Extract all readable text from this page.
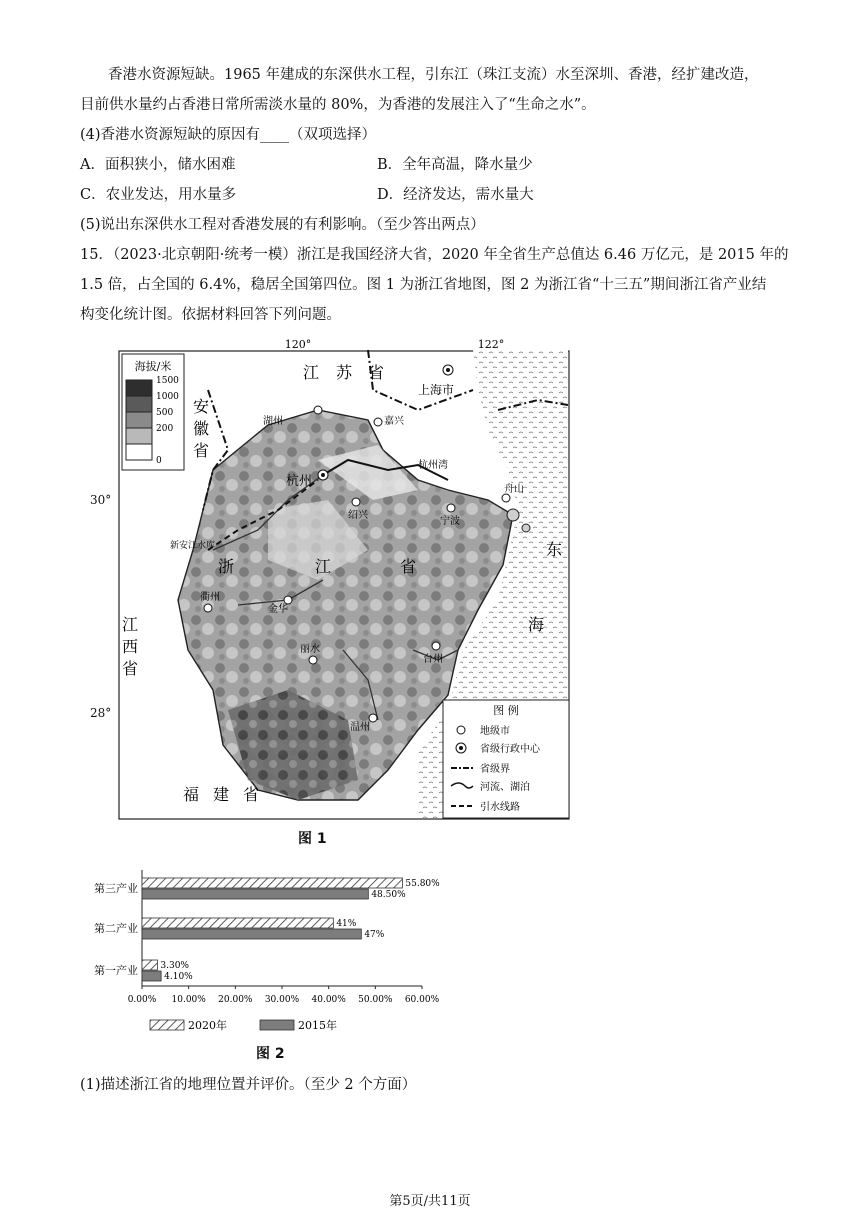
香港水资源短缺。1965 年建成的东深供水工程，引东江（珠江支流）水至深圳、香港，经扩建改造，
目前供水量约占香港日常所需淡水量的 80%，为香港的发展注入了“生命之水”。
(4)香港水资源短缺的原因有____（双项选择）
A．面积狭小，储水困难	B．全年高温，降水量少
C．农业发达，用水量多	D．经济发达，需水量大
(5)说出东深供水工程对香港发展的有利影响。（至少答出两点）
15．（2023·北京朝阳·统考一模）浙江是我国经济大省，2020 年全省生产总值达 6.46 万亿元，是 2015 年的
1.5 倍，占全国的 6.4%，稳居全国第四位。图 1 为浙江省地图，图 2 为浙江省“十三五”期间浙江省产业结
构变化统计图。依据材料回答下列问题。
120°	122°
海拔/米
1500
1000
500
200
0
江 苏 省
安
徽
省
浙	江	省
江
西
省
福 建 省
东
海
上海市
湖州	嘉兴
杭州
绍兴
宁波
舟山
衢州
金华
丽水
台州
温州
杭州湾
新安江水库
图 例
地级市
省级行政中心
省级界
河流、湖泊
引水线路
30°
28°
图 1
0.00% 10.00% 20.00% 30.00% 40.00% 50.00% 60.00%
第三产业	55.80%
48.50%
第二产业	41%
47%
第一产业 3.30%
4.10%
2020年	2015年
图 2
(1)描述浙江省的地理位置并评价。（至少 2 个方面）
第5页/共11页
